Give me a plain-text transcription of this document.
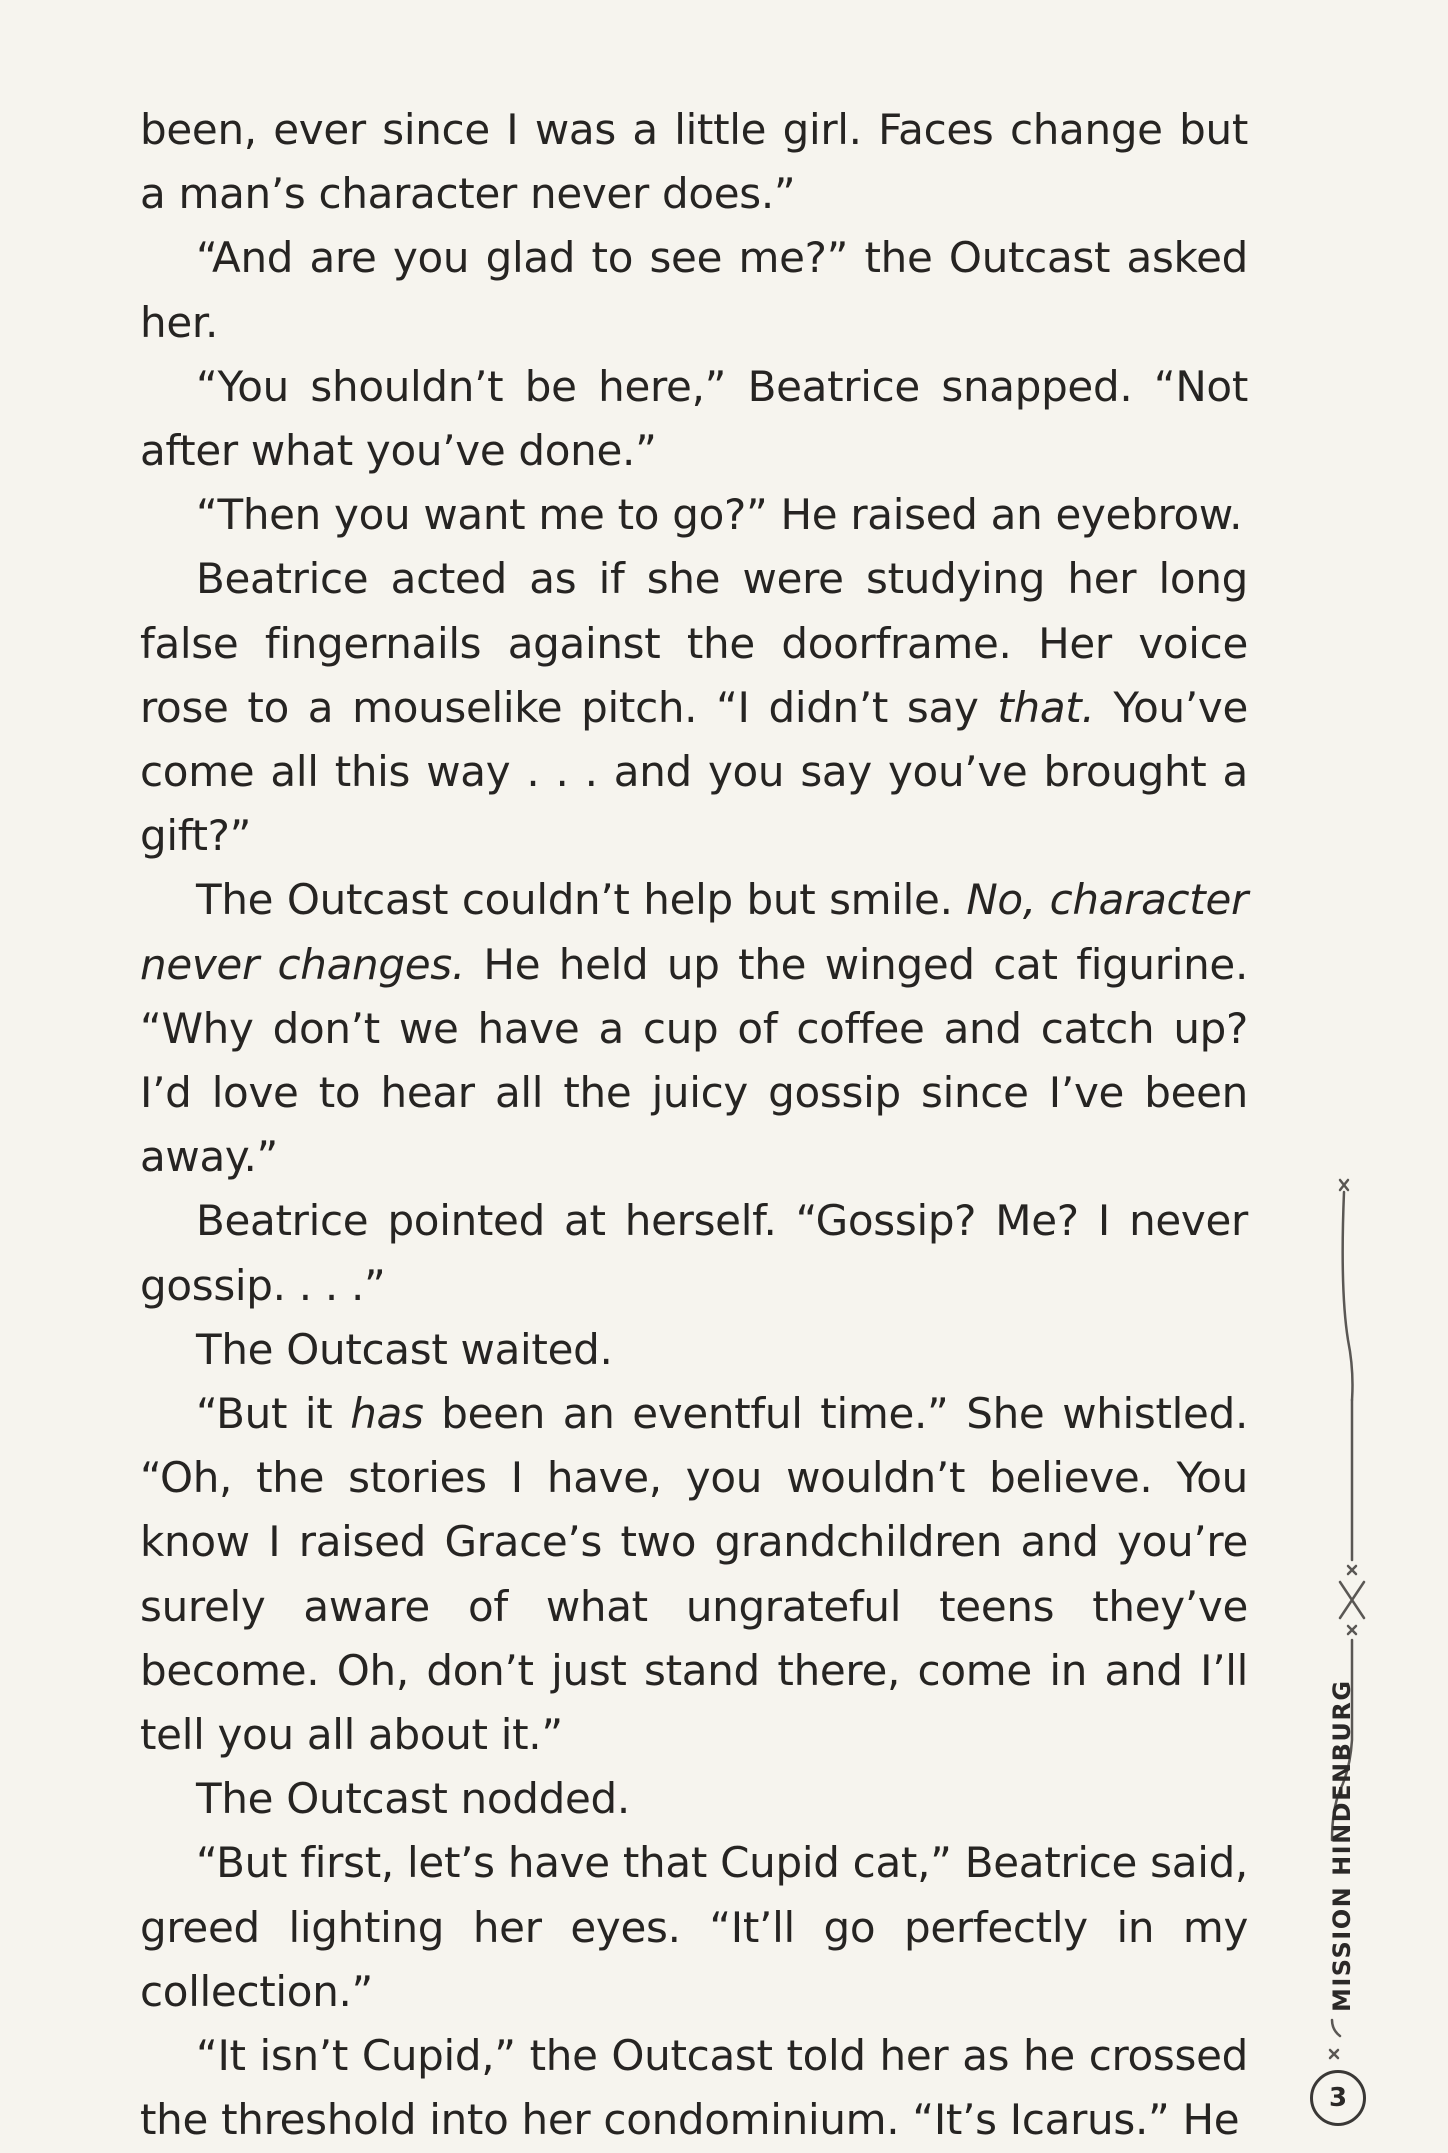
been, ever since I was a little girl. Faces change but a man’s character never does.”

“And are you glad to see me?” the Outcast asked her.

“You shouldn’t be here,” Beatrice snapped. “Not after what you’ve done.”

“Then you want me to go?” He raised an eyebrow.

Beatrice acted as if she were studying her long false fingernails against the doorframe. Her voice rose to a mouselike pitch. “I didn’t say that. You’ve come all this way . . . and you say you’ve brought a gift?”

The Outcast couldn’t help but smile. No, character never changes. He held up the winged cat figurine. “Why don’t we have a cup of coffee and catch up? I’d love to hear all the juicy gossip since I’ve been away.”

Beatrice pointed at herself. “Gossip? Me? I never gossip. . . .”

The Outcast waited.

“But it has been an eventful time.” She whistled. “Oh, the stories I have, you wouldn’t believe. You know I raised Grace’s two grandchildren and you’re surely aware of what ungrateful teens they’ve become. Oh, don’t just stand there, come in and I’ll tell you all about it.”

The Outcast nodded.

“But first, let’s have that Cupid cat,” Beatrice said, greed lighting her eyes. “It’ll go perfectly in my collection.”

“It isn’t Cupid,” the Outcast told her as he crossed the threshold into her condominium. “It’s Icarus.” He

MISSION HINDENBURG
3
